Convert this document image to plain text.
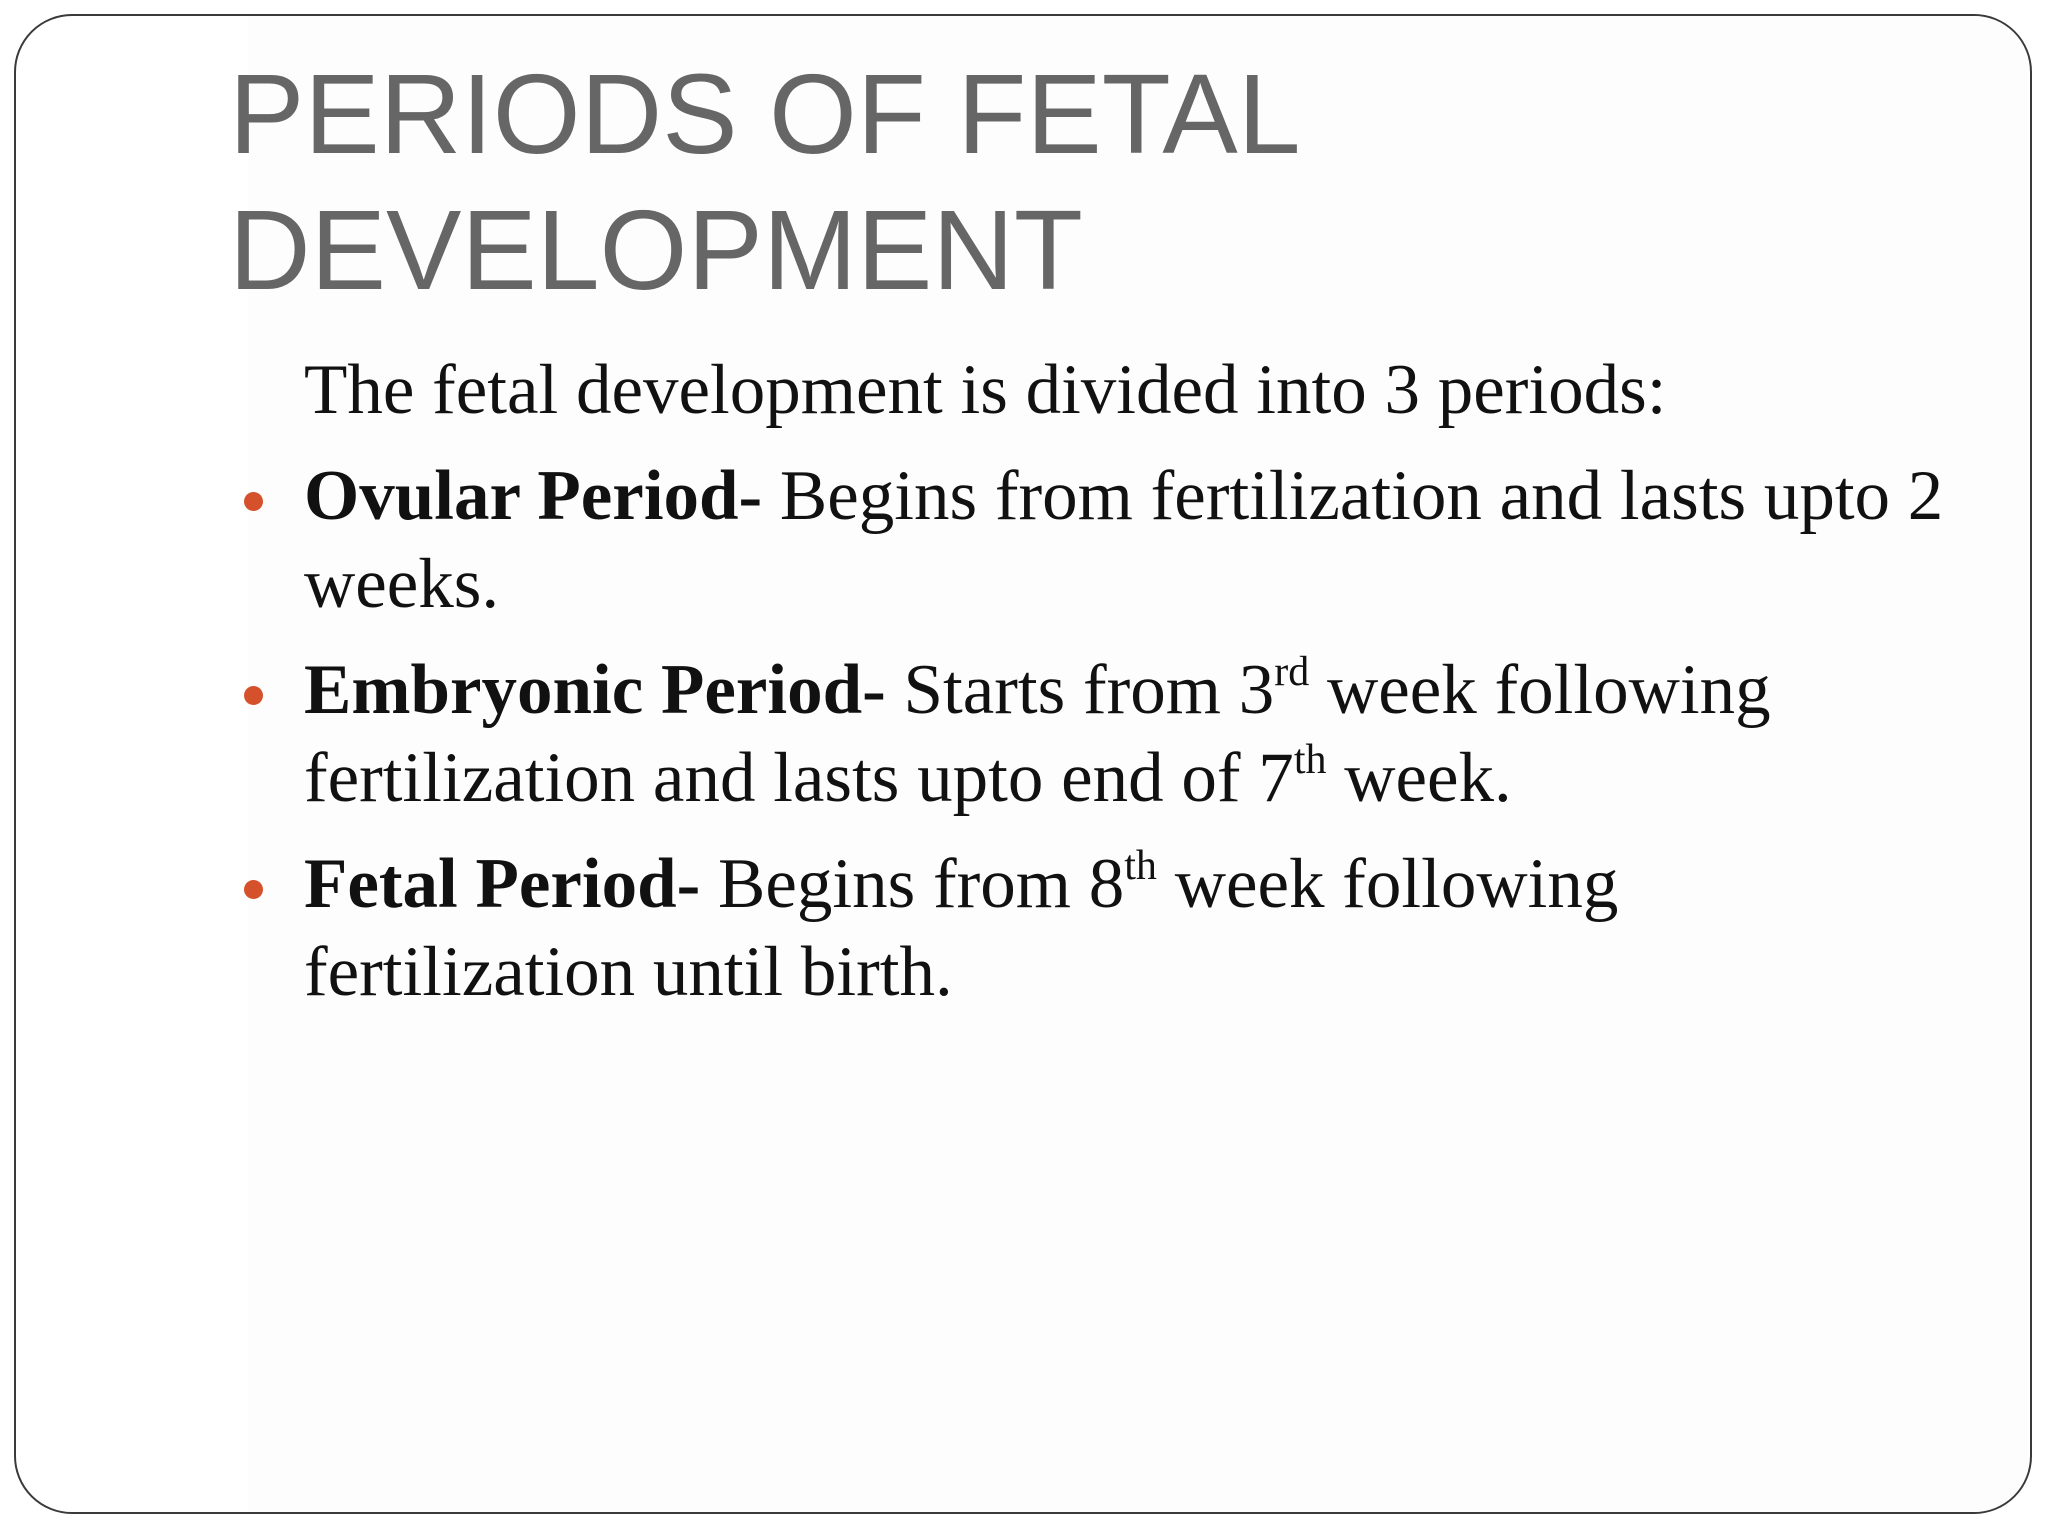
PERIODS OF FETAL
DEVELOPMENT

The fetal development is divided into 3 periods:

Ovular Period- Begins from fertilization and lasts upto 2 weeks.

Embryonic Period- Starts from 3rd week following fertilization and lasts upto end of 7th week.

Fetal Period- Begins from 8th week following fertilization until birth.
